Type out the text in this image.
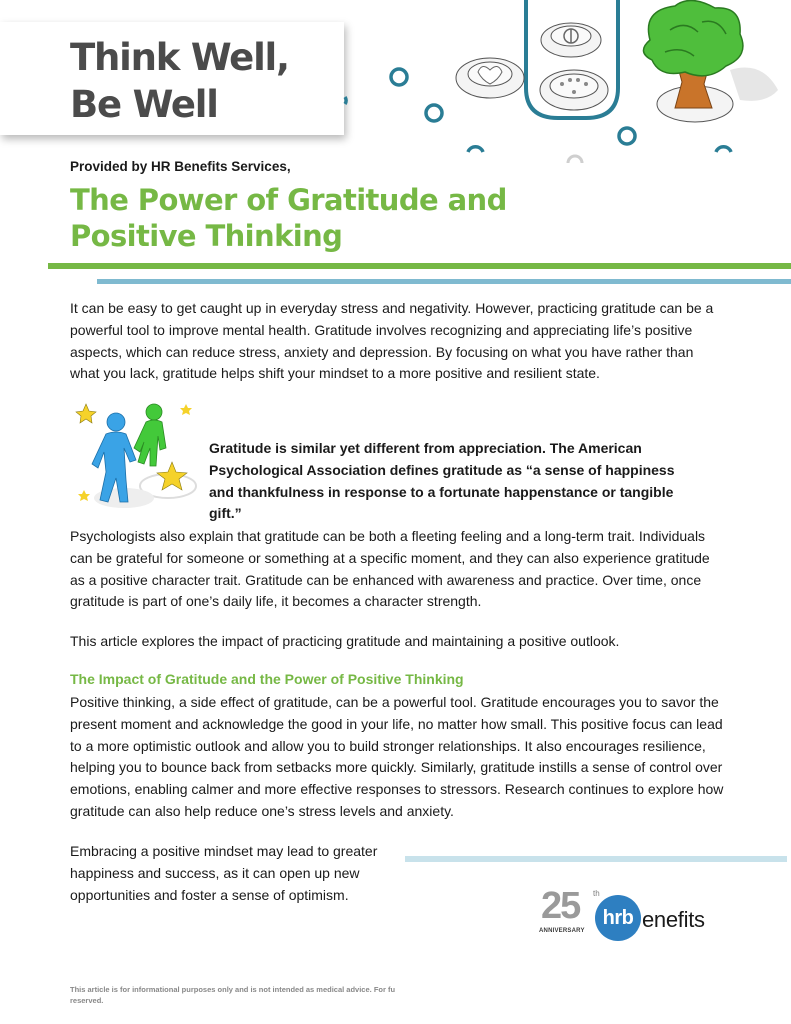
Think Well,
Be Well
Provided by HR Benefits Services,
The Power of Gratitude and
Positive Thinking

It can be easy to get caught up in everyday stress and negativity. However, practicing gratitude can be a powerful tool to improve mental health. Gratitude involves recognizing and appreciating life’s positive aspects, which can reduce stress, anxiety and depression. By focusing on what you have rather than what you lack, gratitude helps shift your mindset to a more positive and resilient state.

Gratitude is similar yet different from appreciation. The American Psychological Association defines gratitude as “a sense of happiness and thankfulness in response to a fortunate happenstance or tangible gift.”

Psychologists also explain that gratitude can be both a fleeting feeling and a long-term trait. Individuals can be grateful for someone or something at a specific moment, and they can also experience gratitude as a positive character trait. Gratitude can be enhanced with awareness and practice. Over time, once gratitude is part of one’s daily life, it becomes a character strength.

This article explores the impact of practicing gratitude and maintaining a positive outlook.

The Impact of Gratitude and the Power of Positive Thinking

Positive thinking, a side effect of gratitude, can be a powerful tool. Gratitude encourages you to savor the present moment and acknowledge the good in your life, no matter how small. This positive focus can lead to a more optimistic outlook and allow you to build stronger relationships. It also encourages resilience, helping you to bounce back from setbacks more quickly. Similarly, gratitude instills a sense of control over emotions, enabling calmer and more effective responses to stressors. Research continues to explore how gratitude can also help reduce one’s stress levels and anxiety.

Embracing a positive mindset may lead to greater happiness and success, as it can open up new opportunities and foster a sense of optimism.	25 th
ANNIVERSARY
hrb enefits

This article is for informational purposes only and is not intended as medical advice. For fu reserved.
